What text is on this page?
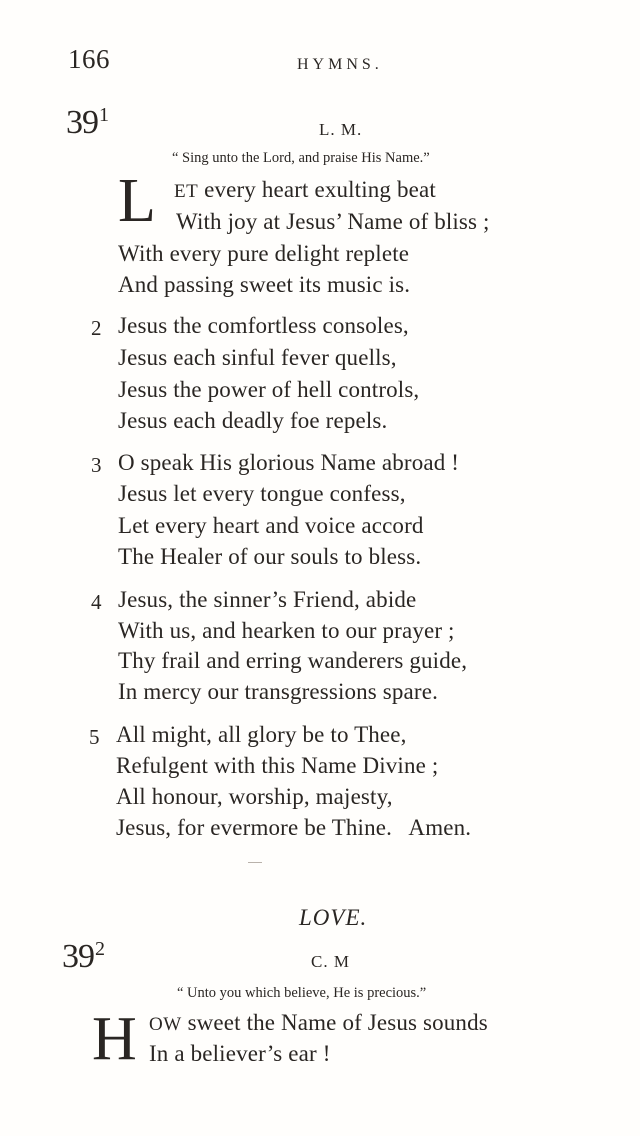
166	HYMNS.
$39^1$
L. M.
“ Sing unto the Lord, and praise His Name.”
L ET every heart exulting beat
With joy at Jesus’ Name of bliss ;
With every pure delight replete
And passing sweet its music is.
2 Jesus the comfortless consoles,
Jesus each sinful fever quells,
Jesus the power of hell controls,
Jesus each deadly foe repels.
3 O speak His glorious Name abroad !
Jesus let every tongue confess,
Let every heart and voice accord
The Healer of our souls to bless.
4 Jesus, the sinner’s Friend, abide
With us, and hearken to our prayer ;
Thy frail and erring wanderers guide,
In mercy our transgressions spare.
5 All might, all glory be to Thee,
Refulgent with this Name Divine ;
All honour, worship, majesty,
Jesus, for evermore be Thine.   Amen.
LOVE.
$39^2$
C. M
“ Unto you which believe, He is precious.”
H OW sweet the Name of Jesus sounds
In a believer’s ear !
